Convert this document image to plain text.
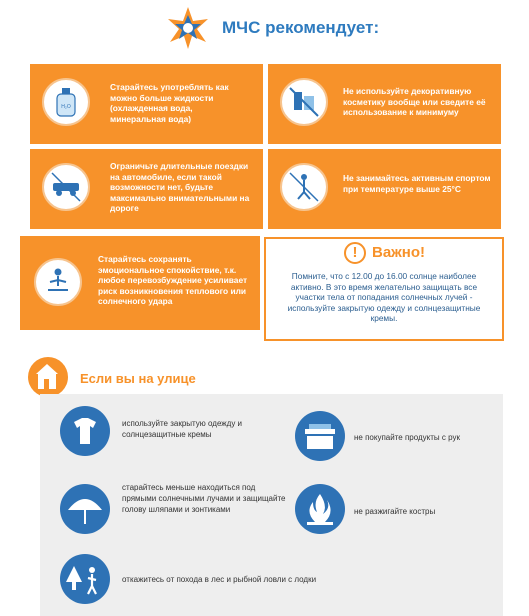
МЧС рекомендует:
H₂O
Старайтесь употреблять как можно больше жидкости (охлажденная вода, минеральная вода)
Не используйте декоративную косметику вообще или сведите её использование к минимуму
Ограничьте длительные поездки на автомобиле, если такой возможности нет, будьте максимально внимательными на дороге
Не занимайтесь активным спортом при температуре выше 25°С
Старайтесь сохранять эмоциональное спокойствие, т.к. любое перевозбуждение усиливает риск возникновения теплового или солнечного удара
! Важно!
Помните, что с 12.00 до 16.00 солнце наиболее активно. В это время желательно защищать все участки тела от попадания солнечных лучей - используйте закрытую одежду и солнцезащитные кремы.
Если вы на улице
используйте закрытую одежду и солнцезащитные кремы	не покупайте продукты с рук
старайтесь меньше находиться под прямыми солнечными лучами и защищайте голову шляпами и зонтиками	не разжигайте костры
откажитесь от похода в лес и рыбной ловли с лодки
